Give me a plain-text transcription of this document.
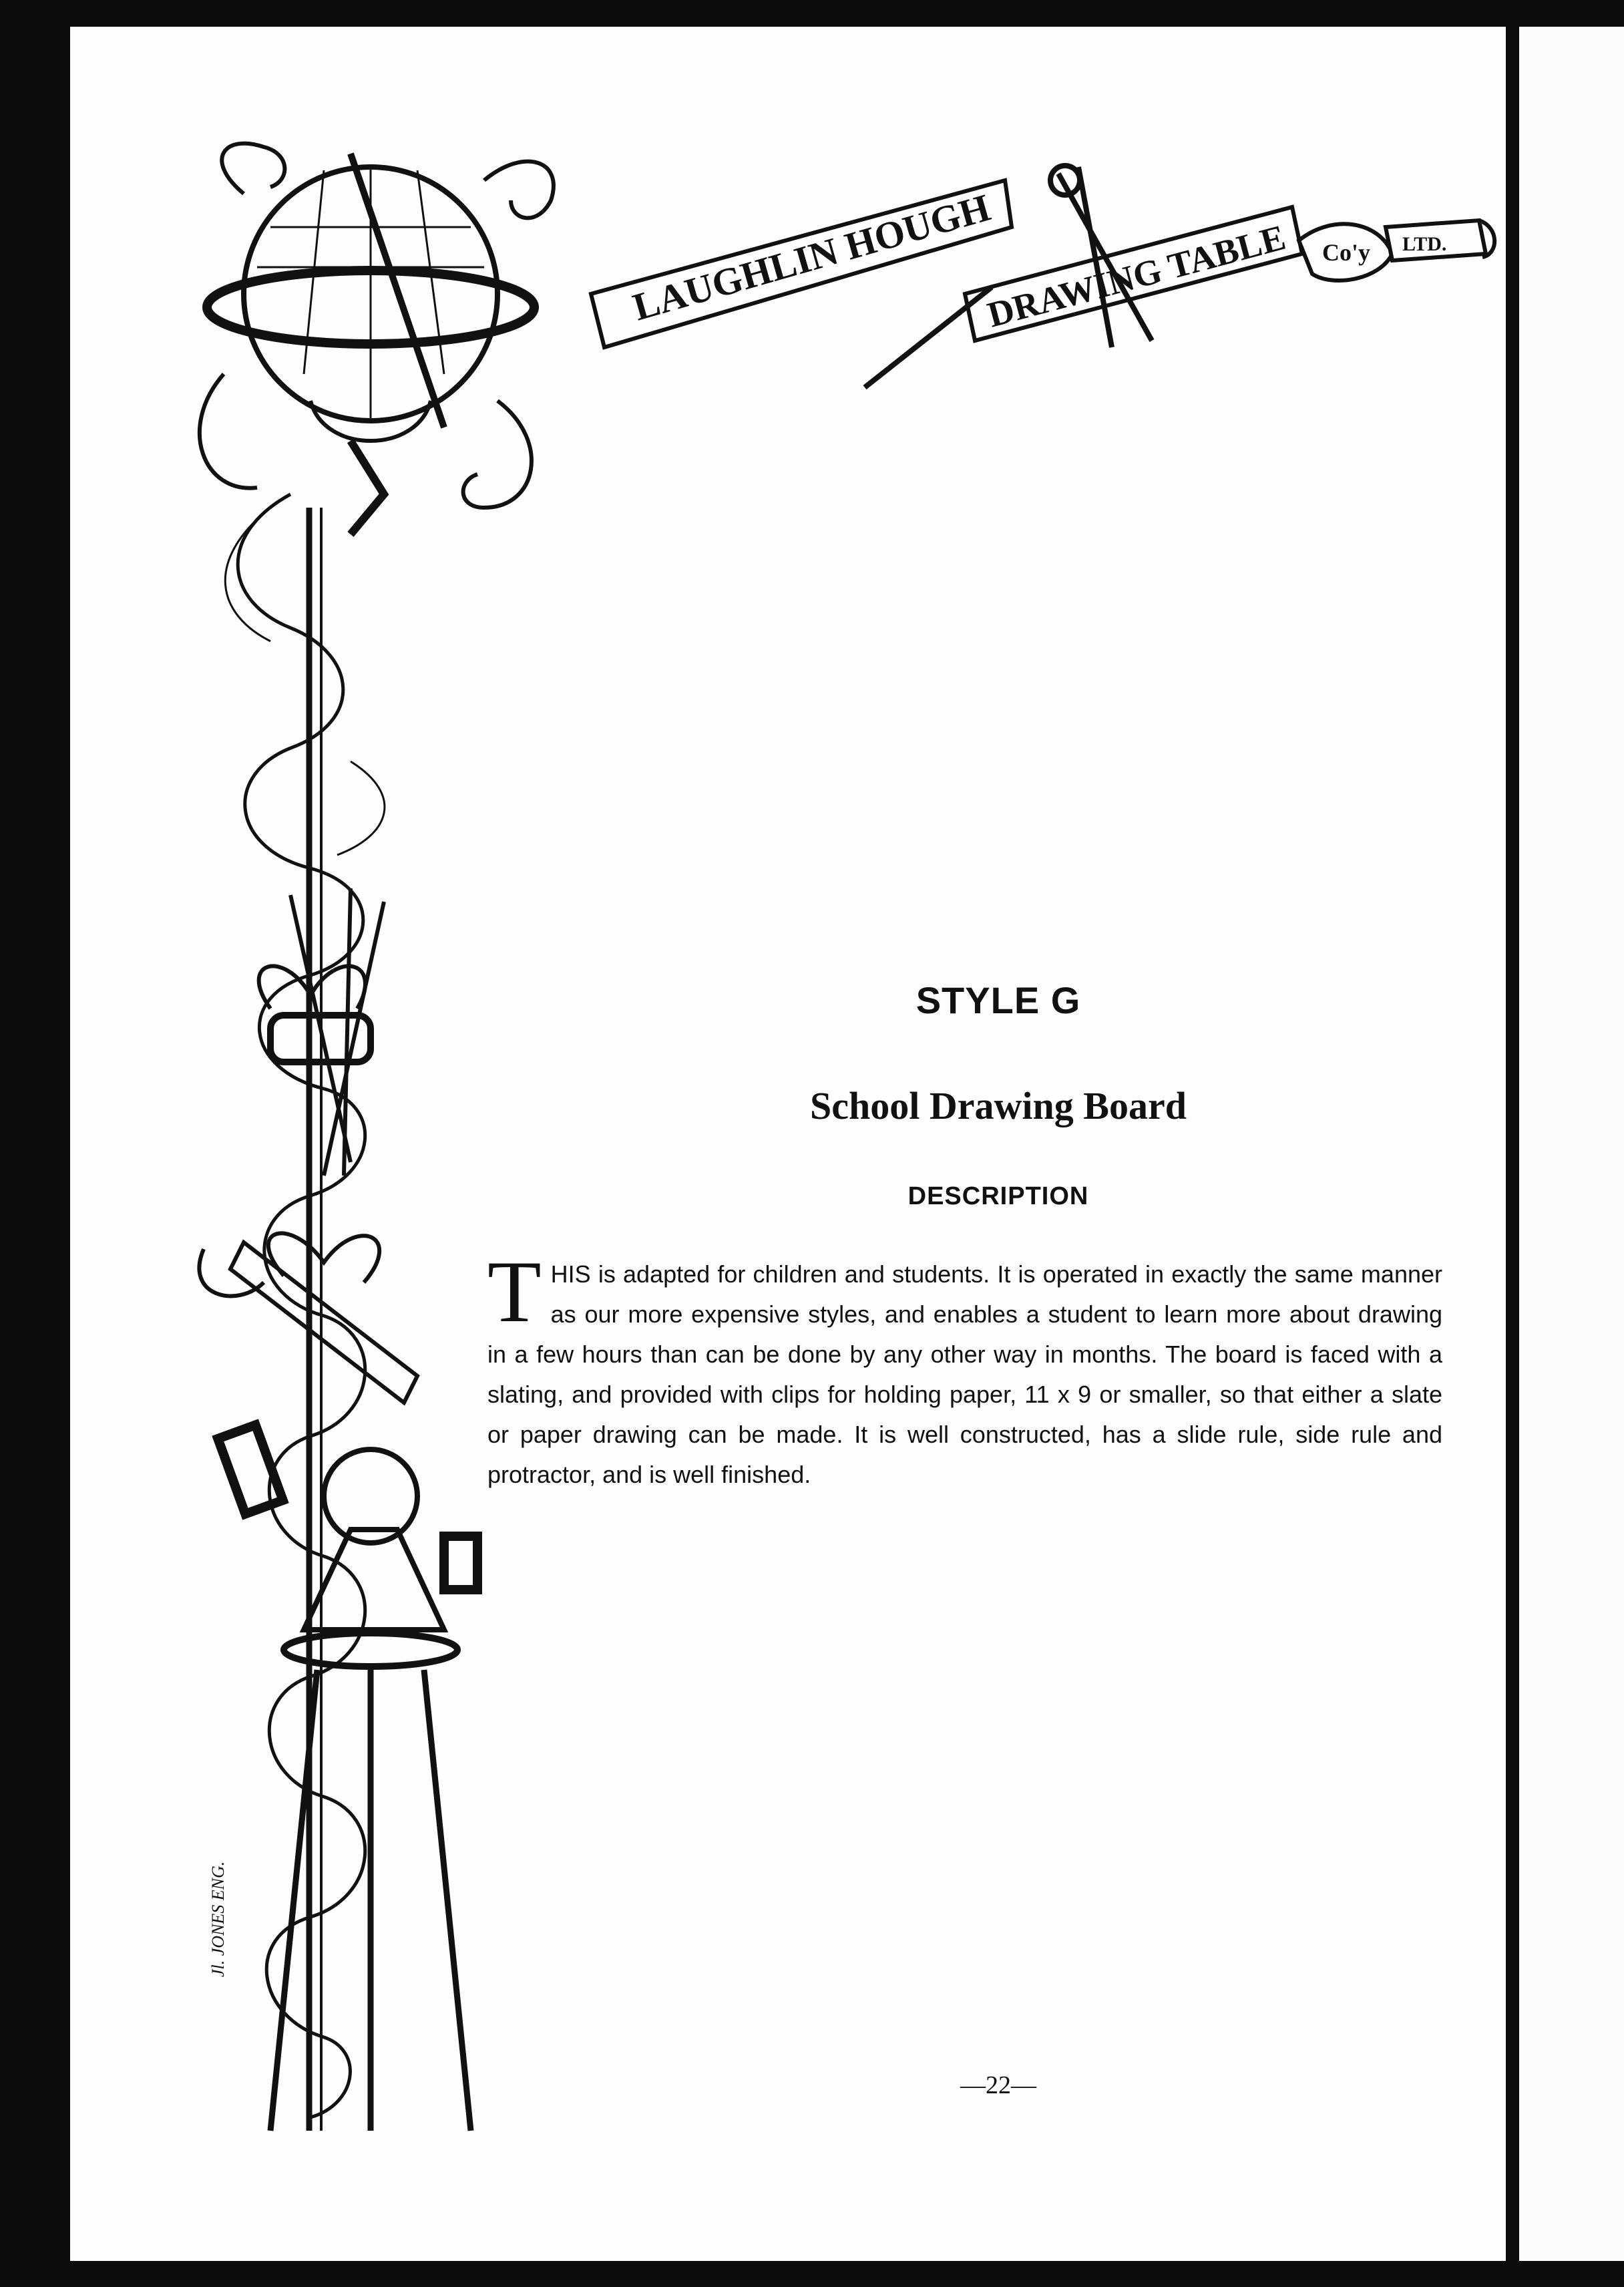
LAUGHLIN HOUGH
DRAWING TABLE Co'y LTD.
Jl. JONES ENG.
STYLE G
School Drawing Board
DESCRIPTION
THIS is adapted for children and students. It is operated in exactly the same manner as our more expensive styles, and enables a student to learn more about drawing in a few hours than can be done by any other way in months. The board is faced with a slating, and provided with clips for holding paper, 11 x 9 or smaller, so that either a slate or paper drawing can be made. It is well constructed, has a slide rule, side rule and protractor, and is well finished.
—22—
